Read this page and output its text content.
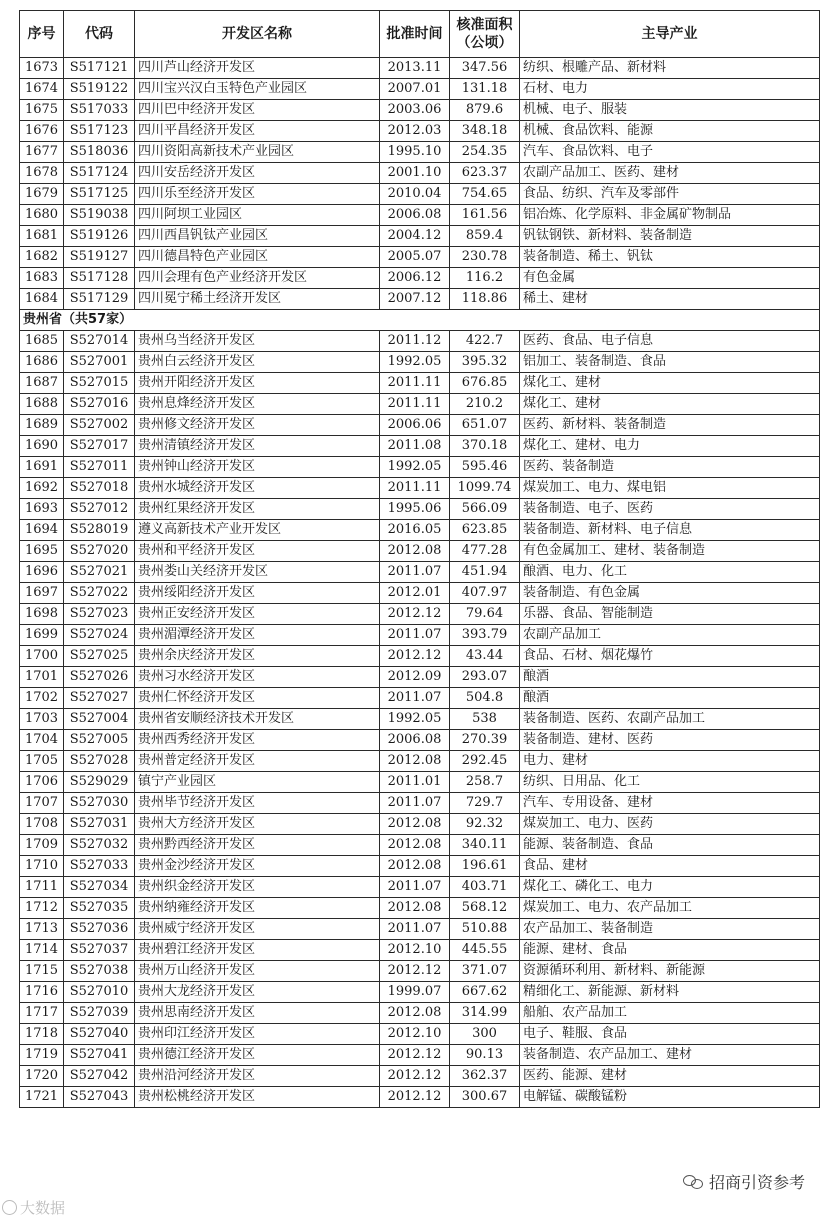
序号	代码	开发区名称	批准时间	核准面积（公顷）	主导产业
1673	S517121	四川芦山经济开发区	2013.11	347.56	纺织、根雕产品、新材料
1674	S519122	四川宝兴汉白玉特色产业园区	2007.01	131.18	石材、电力
1675	S517033	四川巴中经济开发区	2003.06	879.6	机械、电子、服装
1676	S517123	四川平昌经济开发区	2012.03	348.18	机械、食品饮料、能源
1677	S518036	四川资阳高新技术产业园区	1995.10	254.35	汽车、食品饮料、电子
1678	S517124	四川安岳经济开发区	2001.10	623.37	农副产品加工、医药、建材
1679	S517125	四川乐至经济开发区	2010.04	754.65	食品、纺织、汽车及零部件
1680	S519038	四川阿坝工业园区	2006.08	161.56	铝冶炼、化学原料、非金属矿物制品
1681	S519126	四川西昌钒钛产业园区	2004.12	859.4	钒钛钢铁、新材料、装备制造
1682	S519127	四川德昌特色产业园区	2005.07	230.78	装备制造、稀土、钒钛
1683	S517128	四川会理有色产业经济开发区	2006.12	116.2	有色金属
1684	S517129	四川冕宁稀土经济开发区	2007.12	118.86	稀土、建材
贵州省（共57家）					
1685	S527014	贵州乌当经济开发区	2011.12	422.7	医药、食品、电子信息
1686	S527001	贵州白云经济开发区	1992.05	395.32	铝加工、装备制造、食品
1687	S527015	贵州开阳经济开发区	2011.11	676.85	煤化工、建材
1688	S527016	贵州息烽经济开发区	2011.11	210.2	煤化工、建材
1689	S527002	贵州修文经济开发区	2006.06	651.07	医药、新材料、装备制造
1690	S527017	贵州清镇经济开发区	2011.08	370.18	煤化工、建材、电力
1691	S527011	贵州钟山经济开发区	1992.05	595.46	医药、装备制造
1692	S527018	贵州水城经济开发区	2011.11	1099.74	煤炭加工、电力、煤电铝
1693	S527012	贵州红果经济开发区	1995.06	566.09	装备制造、电子、医药
1694	S528019	遵义高新技术产业开发区	2016.05	623.85	装备制造、新材料、电子信息
1695	S527020	贵州和平经济开发区	2012.08	477.28	有色金属加工、建材、装备制造
1696	S527021	贵州娄山关经济开发区	2011.07	451.94	酿酒、电力、化工
1697	S527022	贵州绥阳经济开发区	2012.01	407.97	装备制造、有色金属
1698	S527023	贵州正安经济开发区	2012.12	79.64	乐器、食品、智能制造
1699	S527024	贵州湄潭经济开发区	2011.07	393.79	农副产品加工
1700	S527025	贵州余庆经济开发区	2012.12	43.44	食品、石材、烟花爆竹
1701	S527026	贵州习水经济开发区	2012.09	293.07	酿酒
1702	S527027	贵州仁怀经济开发区	2011.07	504.8	酿酒
1703	S527004	贵州省安顺经济技术开发区	1992.05	538	装备制造、医药、农副产品加工
1704	S527005	贵州西秀经济开发区	2006.08	270.39	装备制造、建材、医药
1705	S527028	贵州普定经济开发区	2012.08	292.45	电力、建材
1706	S529029	镇宁产业园区	2011.01	258.7	纺织、日用品、化工
1707	S527030	贵州毕节经济开发区	2011.07	729.7	汽车、专用设备、建材
1708	S527031	贵州大方经济开发区	2012.08	92.32	煤炭加工、电力、医药
1709	S527032	贵州黔西经济开发区	2012.08	340.11	能源、装备制造、食品
1710	S527033	贵州金沙经济开发区	2012.08	196.61	食品、建材
1711	S527034	贵州织金经济开发区	2011.07	403.71	煤化工、磷化工、电力
1712	S527035	贵州纳雍经济开发区	2012.08	568.12	煤炭加工、电力、农产品加工
1713	S527036	贵州威宁经济开发区	2011.07	510.88	农产品加工、装备制造
1714	S527037	贵州碧江经济开发区	2012.10	445.55	能源、建材、食品
1715	S527038	贵州万山经济开发区	2012.12	371.07	资源循环利用、新材料、新能源
1716	S527010	贵州大龙经济开发区	1999.07	667.62	精细化工、新能源、新材料
1717	S527039	贵州思南经济开发区	2012.08	314.99	船舶、农产品加工
1718	S527040	贵州印江经济开发区	2012.10	300	电子、鞋服、食品
1719	S527041	贵州德江经济开发区	2012.12	90.13	装备制造、农产品加工、建材
1720	S527042	贵州沿河经济开发区	2012.12	362.37	医药、能源、建材
1721	S527043	贵州松桃经济开发区	2012.12	300.67	电解锰、碳酸锰粉
招商引资参考
大数据
